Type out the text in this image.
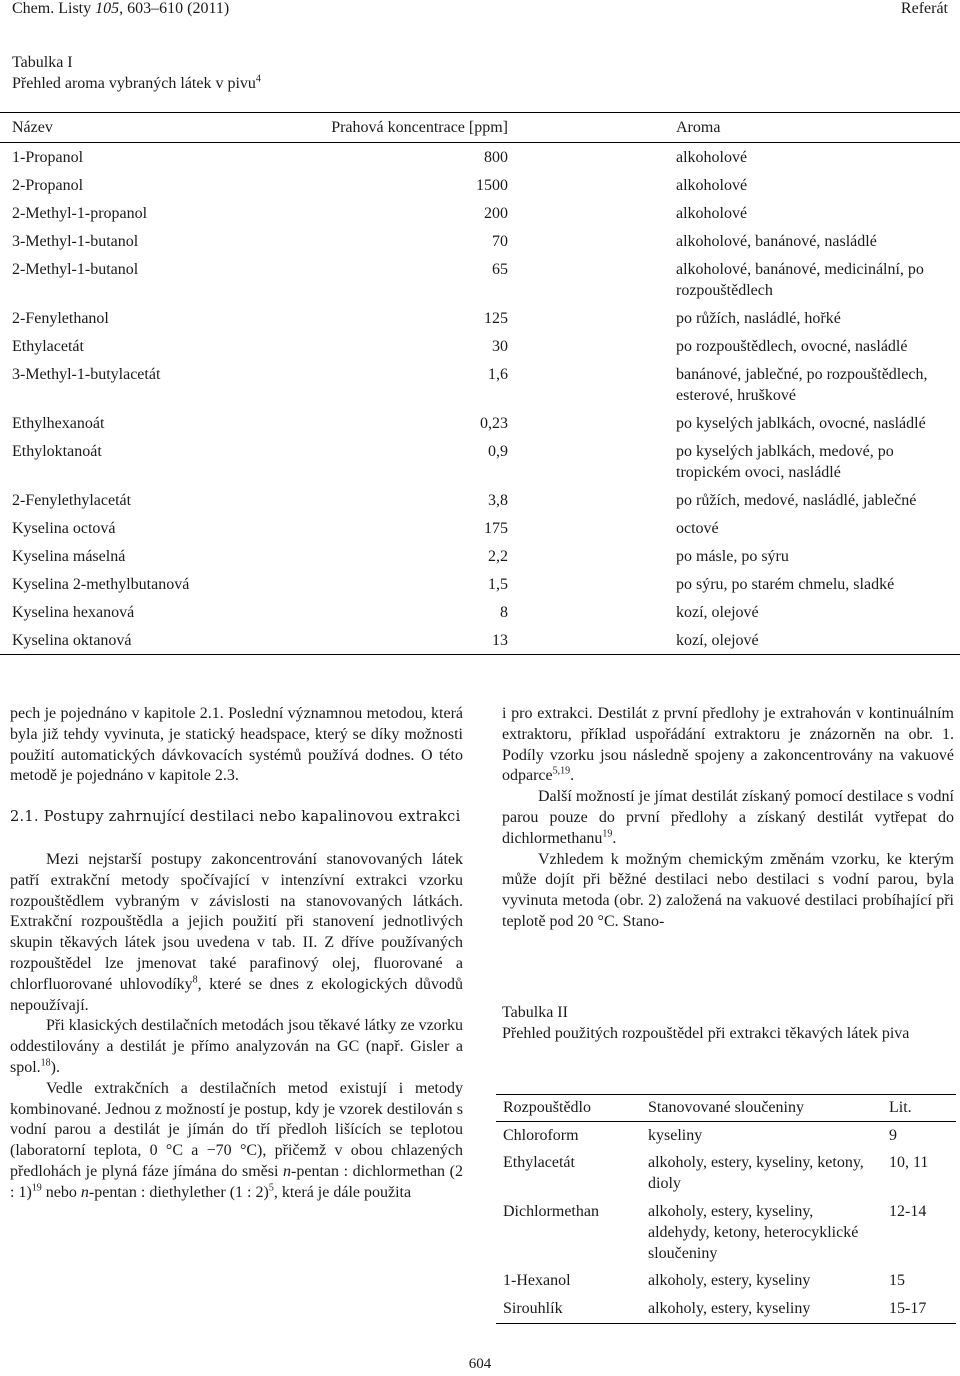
Chem. Listy 105, 603–610 (2011)	Referát
Tabulka I
Přehled aroma vybraných látek v pivu$^4$
Název	Prahová koncentrace [ppm]	Aroma
1-Propanol	800	alkoholové
2-Propanol	1500	alkoholové
2-Methyl-1-propanol	200	alkoholové
3-Methyl-1-butanol	70	alkoholové, banánové, nasládlé
2-Methyl-1-butanol	65	alkoholové, banánové, medicinální, po rozpouštědlech
2-Fenylethanol	125	po růžích, nasládlé, hořké
Ethylacetát	30	po rozpouštědlech, ovocné, nasládlé
3-Methyl-1-butylacetát	1,6	banánové, jablečné, po rozpouštědlech, esterové, hruškové
Ethylhexanoát	0,23	po kyselých jablkách, ovocné, nasládlé
Ethyloktanoát	0,9	po kyselých jablkách, medové, po tropickém ovoci, nasládlé
2-Fenylethylacetát	3,8	po růžích, medové, nasládlé, jablečné
Kyselina octová	175	octové
Kyselina máselná	2,2	po másle, po sýru
Kyselina 2-methylbutanová	1,5	po sýru, po starém chmelu, sladké
Kyselina hexanová	8	kozí, olejové
Kyselina oktanová	13	kozí, olejové

pech je pojednáno v kapitole 2.1. Poslední významnou metodou, která byla již tehdy vyvinuta, je statický headspace, který se díky možnosti použití automatických dávkovacích systémů používá dodnes. O této metodě je pojednáno v kapitole 2.3.

2.1. Postupy zahrnující destilaci nebo kapalinovou extrakci

Mezi nejstarší postupy zakoncentrování stanovovaných látek patří extrakční metody spočívající v intenzívní extrakci vzorku rozpouštědlem vybraným v závislosti na stanovovaných látkách. Extrakční rozpouštědla a jejich použití při stanovení jednotlivých skupin těkavých látek jsou uvedena v tab. II. Z dříve používaných rozpouštědel lze jmenovat také parafinový olej, fluorované a chlorfluorované uhlovodíky$^8$, které se dnes z ekologických důvodů nepoužívají.

Při klasických destilačních metodách jsou těkavé látky ze vzorku oddestilovány a destilát je přímo analyzován na GC (např. Gisler a spol.$^{18}$).

Vedle extrakčních a destilačních metod existují i metody kombinované. Jednou z možností je postup, kdy je vzorek destilován s vodní parou a destilát je jímán do tří předloh lišících se teplotou (laboratorní teplota, 0 °C a −70 °C), přičemž v obou chlazených předlohách je plyná fáze jímána do směsi n-pentan : dichlormethan (2 : 1)$^{19}$ nebo n-pentan : diethylether (1 : 2)$^5$, která je dále použita

i pro extrakci. Destilát z první předlohy je extrahován v kontinuálním extraktoru, příklad uspořádání extraktoru je znázorněn na obr. 1. Podíly vzorku jsou následně spojeny a zakoncentrovány na vakuové odparce$^{5,19}$.

Další možností je jímat destilát získaný pomocí destilace s vodní parou pouze do první předlohy a získaný destilát vytřepat do dichlormethanu$^{19}$.

Vzhledem k možným chemickým změnám vzorku, ke kterým může dojít při běžné destilaci nebo destilaci s vodní parou, byla vyvinuta metoda (obr. 2) založená na vakuové destilaci probíhající při teplotě pod 20 °C. Stano-

Tabulka II
Přehled použitých rozpouštědel při extrakci těkavých látek piva
Rozpouštědlo	Stanovované sloučeniny	Lit.
Chloroform	kyseliny	9
Ethylacetát	alkoholy, estery, kyseliny, ketony, dioly	10, 11
Dichlormethan	alkoholy, estery, kyseliny, aldehydy, ketony, heterocyklické sloučeniny	12-14
1-Hexanol	alkoholy, estery, kyseliny	15
Sirouhlík	alkoholy, estery, kyseliny	15-17
604
